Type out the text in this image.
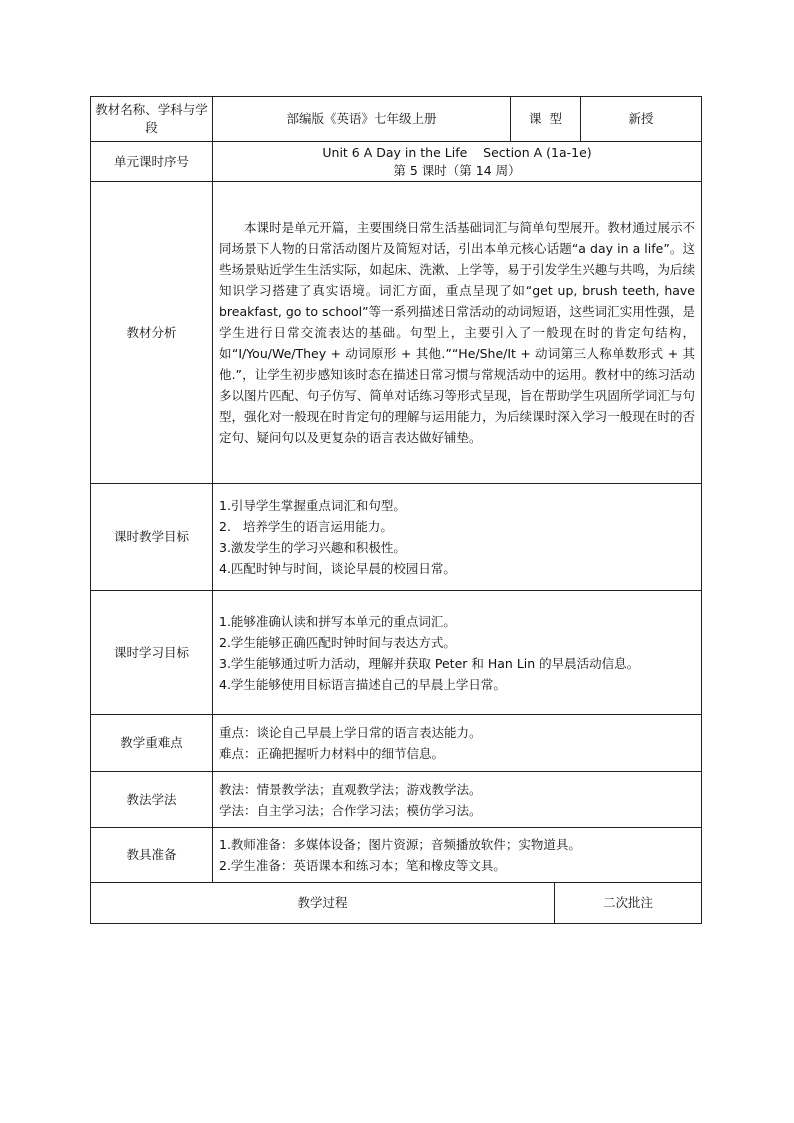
教材名称、学科与学段	部编版《英语》七年级上册	课  型		新授
单元课时序号	Unit 6 A Day in the Life    Section A (1a-1e)
第 5 课时（第 14 周）			

教材分析	本课时是单元开篇，主要围绕日常生活基础词汇与简单句型展开。教材通过展示不同场景下人物的日常活动图片及简短对话，引出本单元核心话题“a day in a life”。这些场景贴近学生生活实际，如起床、洗漱、上学等，易于引发学生兴趣与共鸣，为后续知识学习搭建了真实语境。词汇方面，重点呈现了如“get up, brush teeth, have breakfast, go to school”等一系列描述日常活动的动词短语，这些词汇实用性强，是学生进行日常交流表达的基础。句型上，主要引入了一般现在时的肯定句结构，如“I/You/We/They + 动词原形 + 其他.”“He/She/It + 动词第三人称单数形式 + 其他.”，让学生初步感知该时态在描述日常习惯与常规活动中的运用。教材中的练习活动多以图片匹配、句子仿写、简单对话练习等形式呈现，旨在帮助学生巩固所学词汇与句型，强化对一般现在时肯定句的理解与运用能力，为后续课时深入学习一般现在时的否定句、疑问句以及更复杂的语言表达做好铺垫。			

课时教学目标	1.引导学生掌握重点词汇和句型。
2.   培养学生的语言运用能力。
3.激发学生的学习兴趣和积极性。
4.匹配时钟与时间，谈论早晨的校园日常。			

课时学习目标	1.能够准确认读和拼写本单元的重点词汇。
2.学生能够正确匹配时钟时间与表达方式。
3.学生能够通过听力活动，理解并获取 Peter 和 Han Lin 的早晨活动信息。
4.学生能够使用目标语言描述自己的早晨上学日常。			

教学重难点	重点：谈论自己早晨上学日常的语言表达能力。
难点：正确把握听力材料中的细节信息。			

教法学法	教法：情景教学法；直观教学法；游戏教学法。
学法：自主学习法；合作学习法；模仿学习法。			

教具准备	1.教师准备：多媒体设备；图片资源；音频播放软件；实物道具。
2.学生准备：英语课本和练习本；笔和橡皮等文具。			

教学过程			二次批注	
